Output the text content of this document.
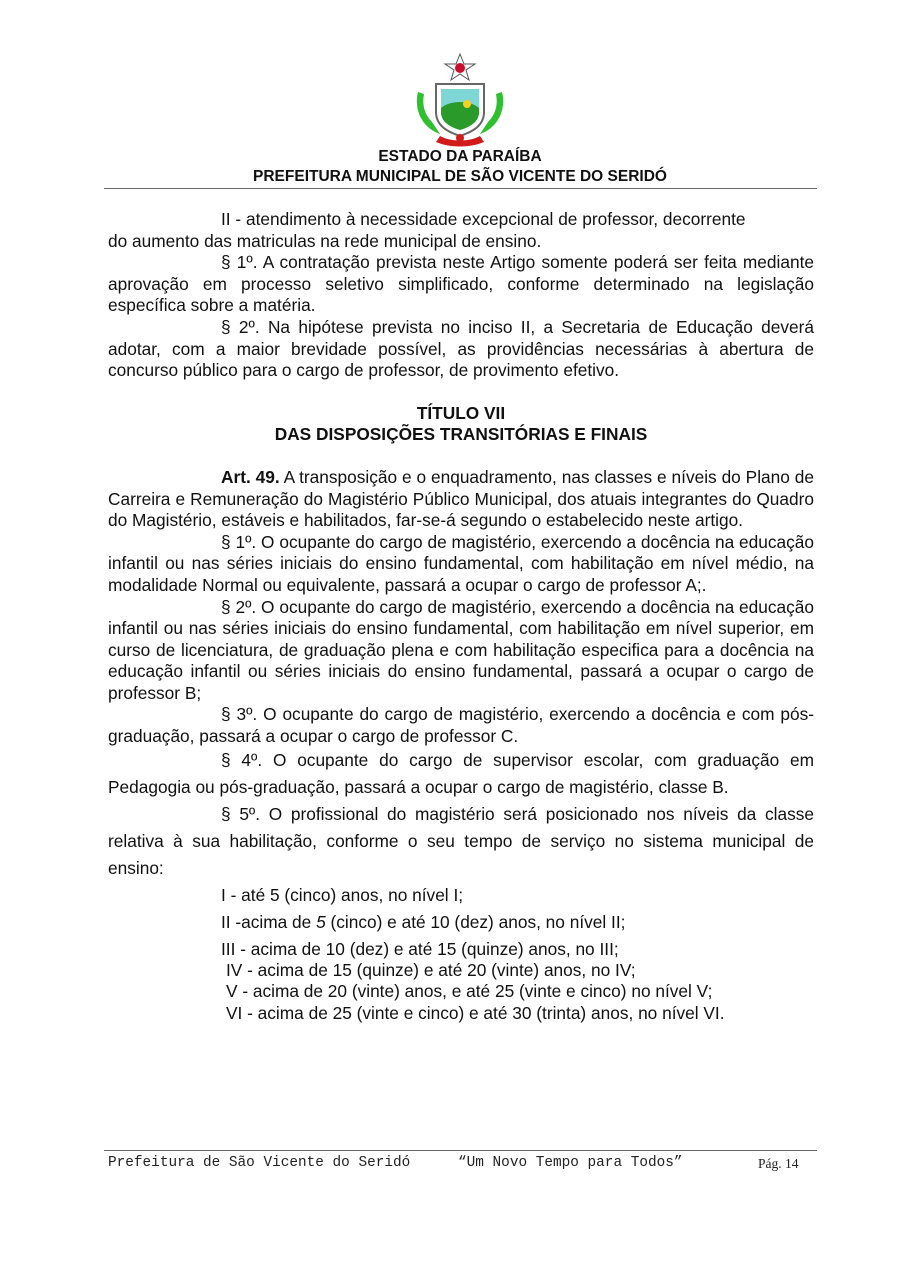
ESTADO DA PARAÍBA
PREFEITURA MUNICIPAL DE SÃO VICENTE DO SERIDÓ

II - atendimento à necessidade excepcional de professor, decorrente

do aumento das matriculas na rede municipal de ensino.

§ 1º. A contratação prevista neste Artigo somente poderá ser feita mediante aprovação em processo seletivo simplificado, conforme determinado na legislação específica sobre a matéria.

§ 2º. Na hipótese prevista no inciso II, a Secretaria de Educação deverá adotar, com a maior brevidade possível, as providências necessárias à abertura de concurso público para o cargo de professor, de provimento efetivo.

TÍTULO VII

DAS DISPOSIÇÕES TRANSITÓRIAS E FINAIS

Art. 49. A transposição e o enquadramento, nas classes e níveis do Plano de Carreira e Remuneração do Magistério Público Municipal, dos atuais integrantes do Quadro do Magistério, estáveis e habilitados, far-se-á segundo o estabelecido neste artigo.

§ 1º. O ocupante do cargo de magistério, exercendo a docência na educação infantil ou nas séries iniciais do ensino fundamental, com habilitação em nível médio, na modalidade Normal ou equivalente, passará a ocupar o cargo de professor A;.

§ 2º. O ocupante do cargo de magistério, exercendo a docência na educação infantil ou nas séries iniciais do ensino fundamental, com habilitação em nível superior, em curso de licenciatura, de graduação plena e com habilitação especifica para a docência na educação infantil ou séries iniciais do ensino fundamental, passará a ocupar o cargo de professor B;

§ 3º. O ocupante do cargo de magistério, exercendo a docência e com pós-graduação, passará a ocupar o cargo de professor C.

§ 4º. O ocupante do cargo de supervisor escolar, com graduação em Pedagogia ou pós-graduação, passará a ocupar o cargo de magistério, classe B.

§ 5º. O profissional do magistério será posicionado nos níveis da classe relativa à sua habilitação, conforme o seu tempo de serviço no sistema municipal de ensino:

I - até 5 (cinco) anos, no nível I;

II -acima de 5 (cinco) e até 10 (dez) anos, no nível II;

III - acima de 10 (dez) e até 15 (quinze) anos, no III;

IV - acima de 15 (quinze) e até 20 (vinte) anos, no IV;

V - acima de 20 (vinte) anos, e até 25 (vinte e cinco) no nível V;

VI - acima de 25 (vinte e cinco) e até 30 (trinta) anos, no nível VI.

Prefeitura de São Vicente do Seridó	“Um Novo Tempo para Todos”	Pág. 14
